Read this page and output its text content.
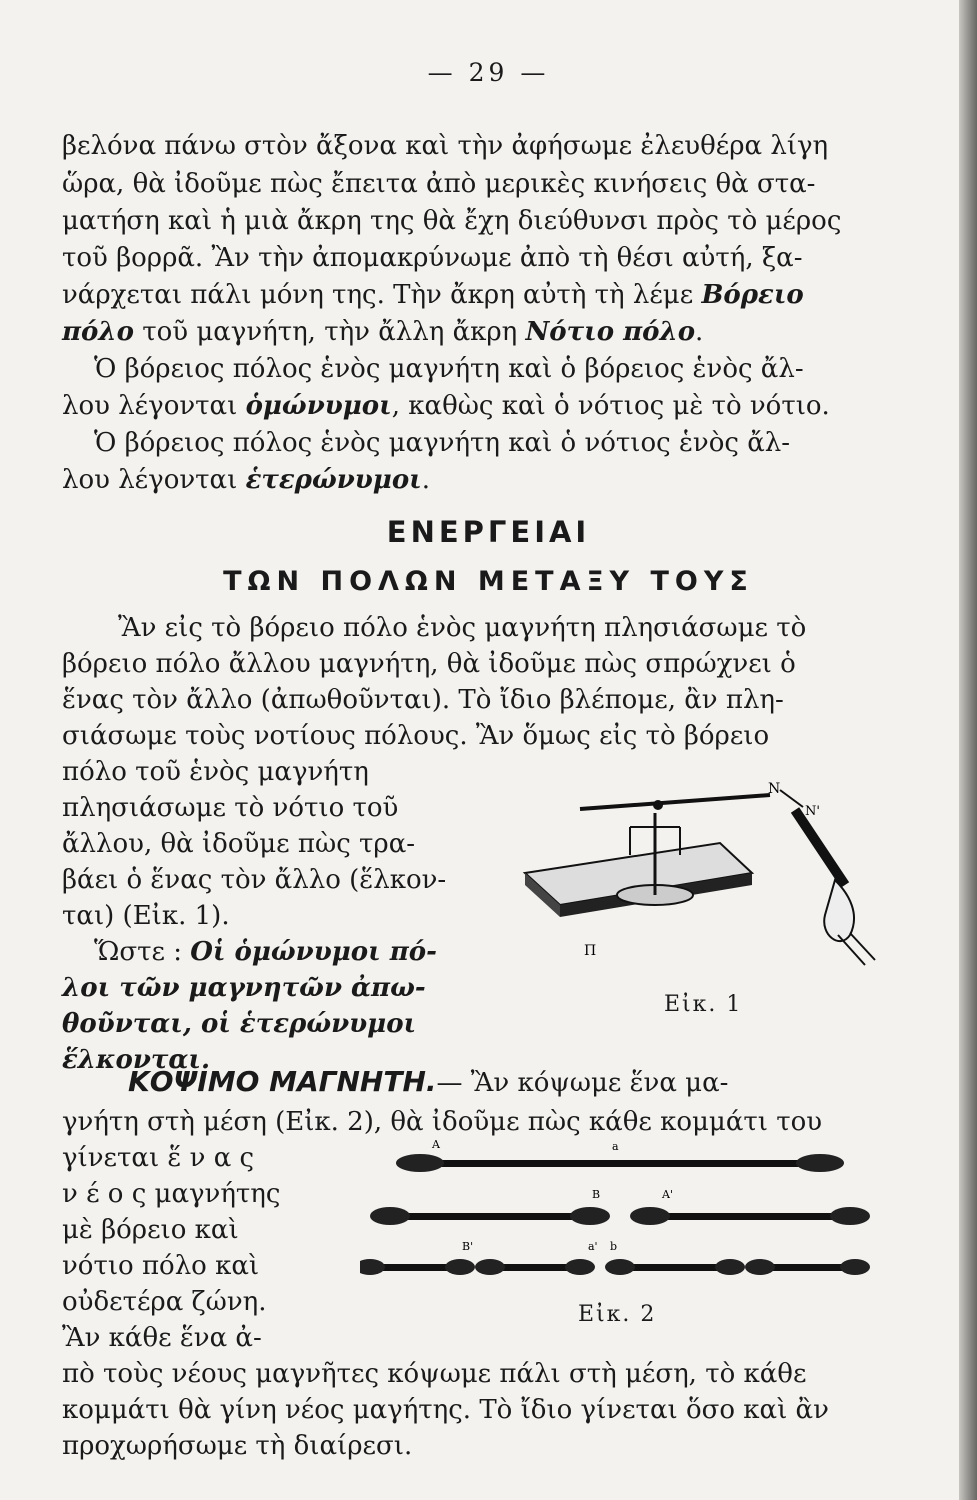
— 29 —
βελόνα πάνω στὸν ἄξονα καὶ τὴν ἀφήσωμε ἐλευθέρα λίγη
ὥρα, θὰ ἰδοῦμε πὼς ἔπειτα ἀπὸ μερικὲς κινήσεις θὰ στα-
ματήση καὶ ἡ μιὰ ἄκρη της θὰ ἔχη διεύθυνσι πρὸς τὸ μέρος
τοῦ βορρᾶ. Ἂν τὴν ἀπομακρύνωμε ἀπὸ τὴ θέσι αὐτή, ξα-
νάρχεται πάλι μόνη της. Τὴν ἄκρη αὐτὴ τὴ λέμε Βόρειο
πόλο τοῦ μαγνήτη, τὴν ἄλλη ἄκρη Νότιο πόλο.
Ὁ βόρειος πόλος ἑνὸς μαγνήτη καὶ ὁ βόρειος ἑνὸς ἄλ-
λου λέγονται ὁμώνυμοι, καθὼς καὶ ὁ νότιος μὲ τὸ νότιο.
Ὁ βόρειος πόλος ἑνὸς μαγνήτη καὶ ὁ νότιος ἑνὸς ἄλ-
λου λέγονται ἑτερώνυμοι.
ΕΝΕΡΓΕΙΑΙ
ΤΩΝ ΠΟΛΩΝ ΜΕΤΑΞΥ ΤΟΥΣ
Ἂν εἰς τὸ βόρειο πόλο ἑνὸς μαγνήτη πλησιάσωμε τὸ
βόρειο πόλο ἄλλου μαγνήτη, θὰ ἰδοῦμε πὼς σπρώχνει ὁ
ἕνας τὸν ἄλλο (ἀπωθοῦνται). Τὸ ἴδιο βλέπομε, ἂν πλη-
σιάσωμε τοὺς νοτίους πόλους. Ἂν ὅμως εἰς τὸ βόρειο
πόλο τοῦ ἑνὸς μαγνήτη
πλησιάσωμε τὸ νότιο τοῦ
ἄλλου, θὰ ἰδοῦμε πὼς τρα-
βάει ὁ ἕνας τὸν ἄλλο (ἕλκον-
ται) (Εἰκ. 1).
Ὥστε : Οἱ ὁμώνυμοι πό-
λοι τῶν μαγνητῶν ἀπω-
θοῦνται, οἱ ἑτερώνυμοι
ἕλκονται.
N
N'
Π
Εἰκ. 1
ΚΟΨΙΜΟ ΜΑΓΝΗΤΗ.— Ἂν κόψωμε ἕνα μα-
γνήτη στὴ μέση (Εἰκ. 2), θὰ ἰδοῦμε πὼς κάθε κομμάτι του
γίνεται ἕ ν α ς
ν έ ο ς μαγνήτης
μὲ βόρειο καὶ
νότιο πόλο καὶ
οὐδετέρα ζώνη.
Ἂν κάθε ἕνα ἀ-
πὸ τοὺς νέους μαγνῆτες κόψωμε πάλι στὴ μέση, τὸ κάθε
κομμάτι θὰ γίνη νέος μαγήτης. Τὸ ἴδιο γίνεται ὅσο καὶ ἂν
προχωρήσωμε τὴ διαίρεσι.
A	a
B	A'
B'	a' b
Εἰκ. 2
